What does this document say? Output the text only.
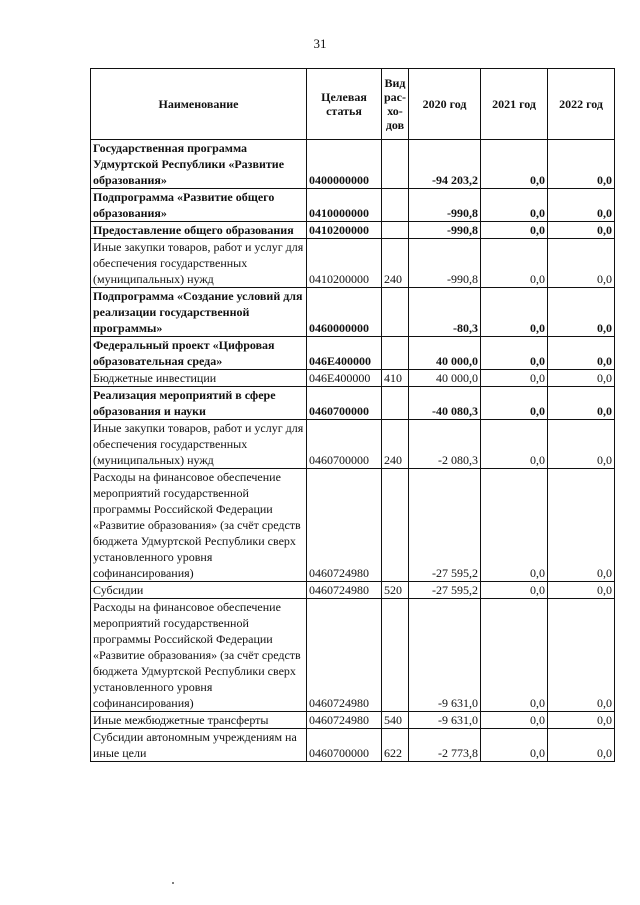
31
Наименование	Целевая статья	Вид рас-хо-дов	2020 год	2021 год	2022 год
Государственная программа Удмуртской Республики «Развитие образования»	0400000000		-94 203,2	0,0	0,0
Подпрограмма «Развитие общего образования»	0410000000		-990,8	0,0	0,0
Предоставление общего образования	0410200000		-990,8	0,0	0,0
Иные закупки товаров, работ и услуг для обеспечения государственных (муниципальных) нужд	0410200000	240	-990,8	0,0	0,0
Подпрограмма «Создание условий для реализации государственной программы»	0460000000		-80,3	0,0	0,0
Федеральный проект «Цифровая образовательная среда»	046E400000		40 000,0	0,0	0,0
Бюджетные инвестиции	046E400000	410	40 000,0	0,0	0,0
Реализация мероприятий в сфере образования и науки	0460700000		-40 080,3	0,0	0,0
Иные закупки товаров, работ и услуг для обеспечения государственных (муниципальных) нужд	0460700000	240	-2 080,3	0,0	0,0
Расходы на финансовое обеспечение мероприятий государственной программы Российской Федерации «Развитие образования» (за счёт средств бюджета Удмуртской Республики сверх установленного уровня софинансирования)	0460724980		-27 595,2	0,0	0,0
Субсидии	0460724980	520	-27 595,2	0,0	0,0
Расходы на финансовое обеспечение мероприятий государственной программы Российской Федерации «Развитие образования» (за счёт средств бюджета Удмуртской Республики сверх установленного уровня софинансирования)	0460724980		-9 631,0	0,0	0,0
Иные межбюджетные трансферты	0460724980	540	-9 631,0	0,0	0,0
Субсидии автономным учреждениям на иные цели	0460700000	622	-2 773,8	0,0	0,0
